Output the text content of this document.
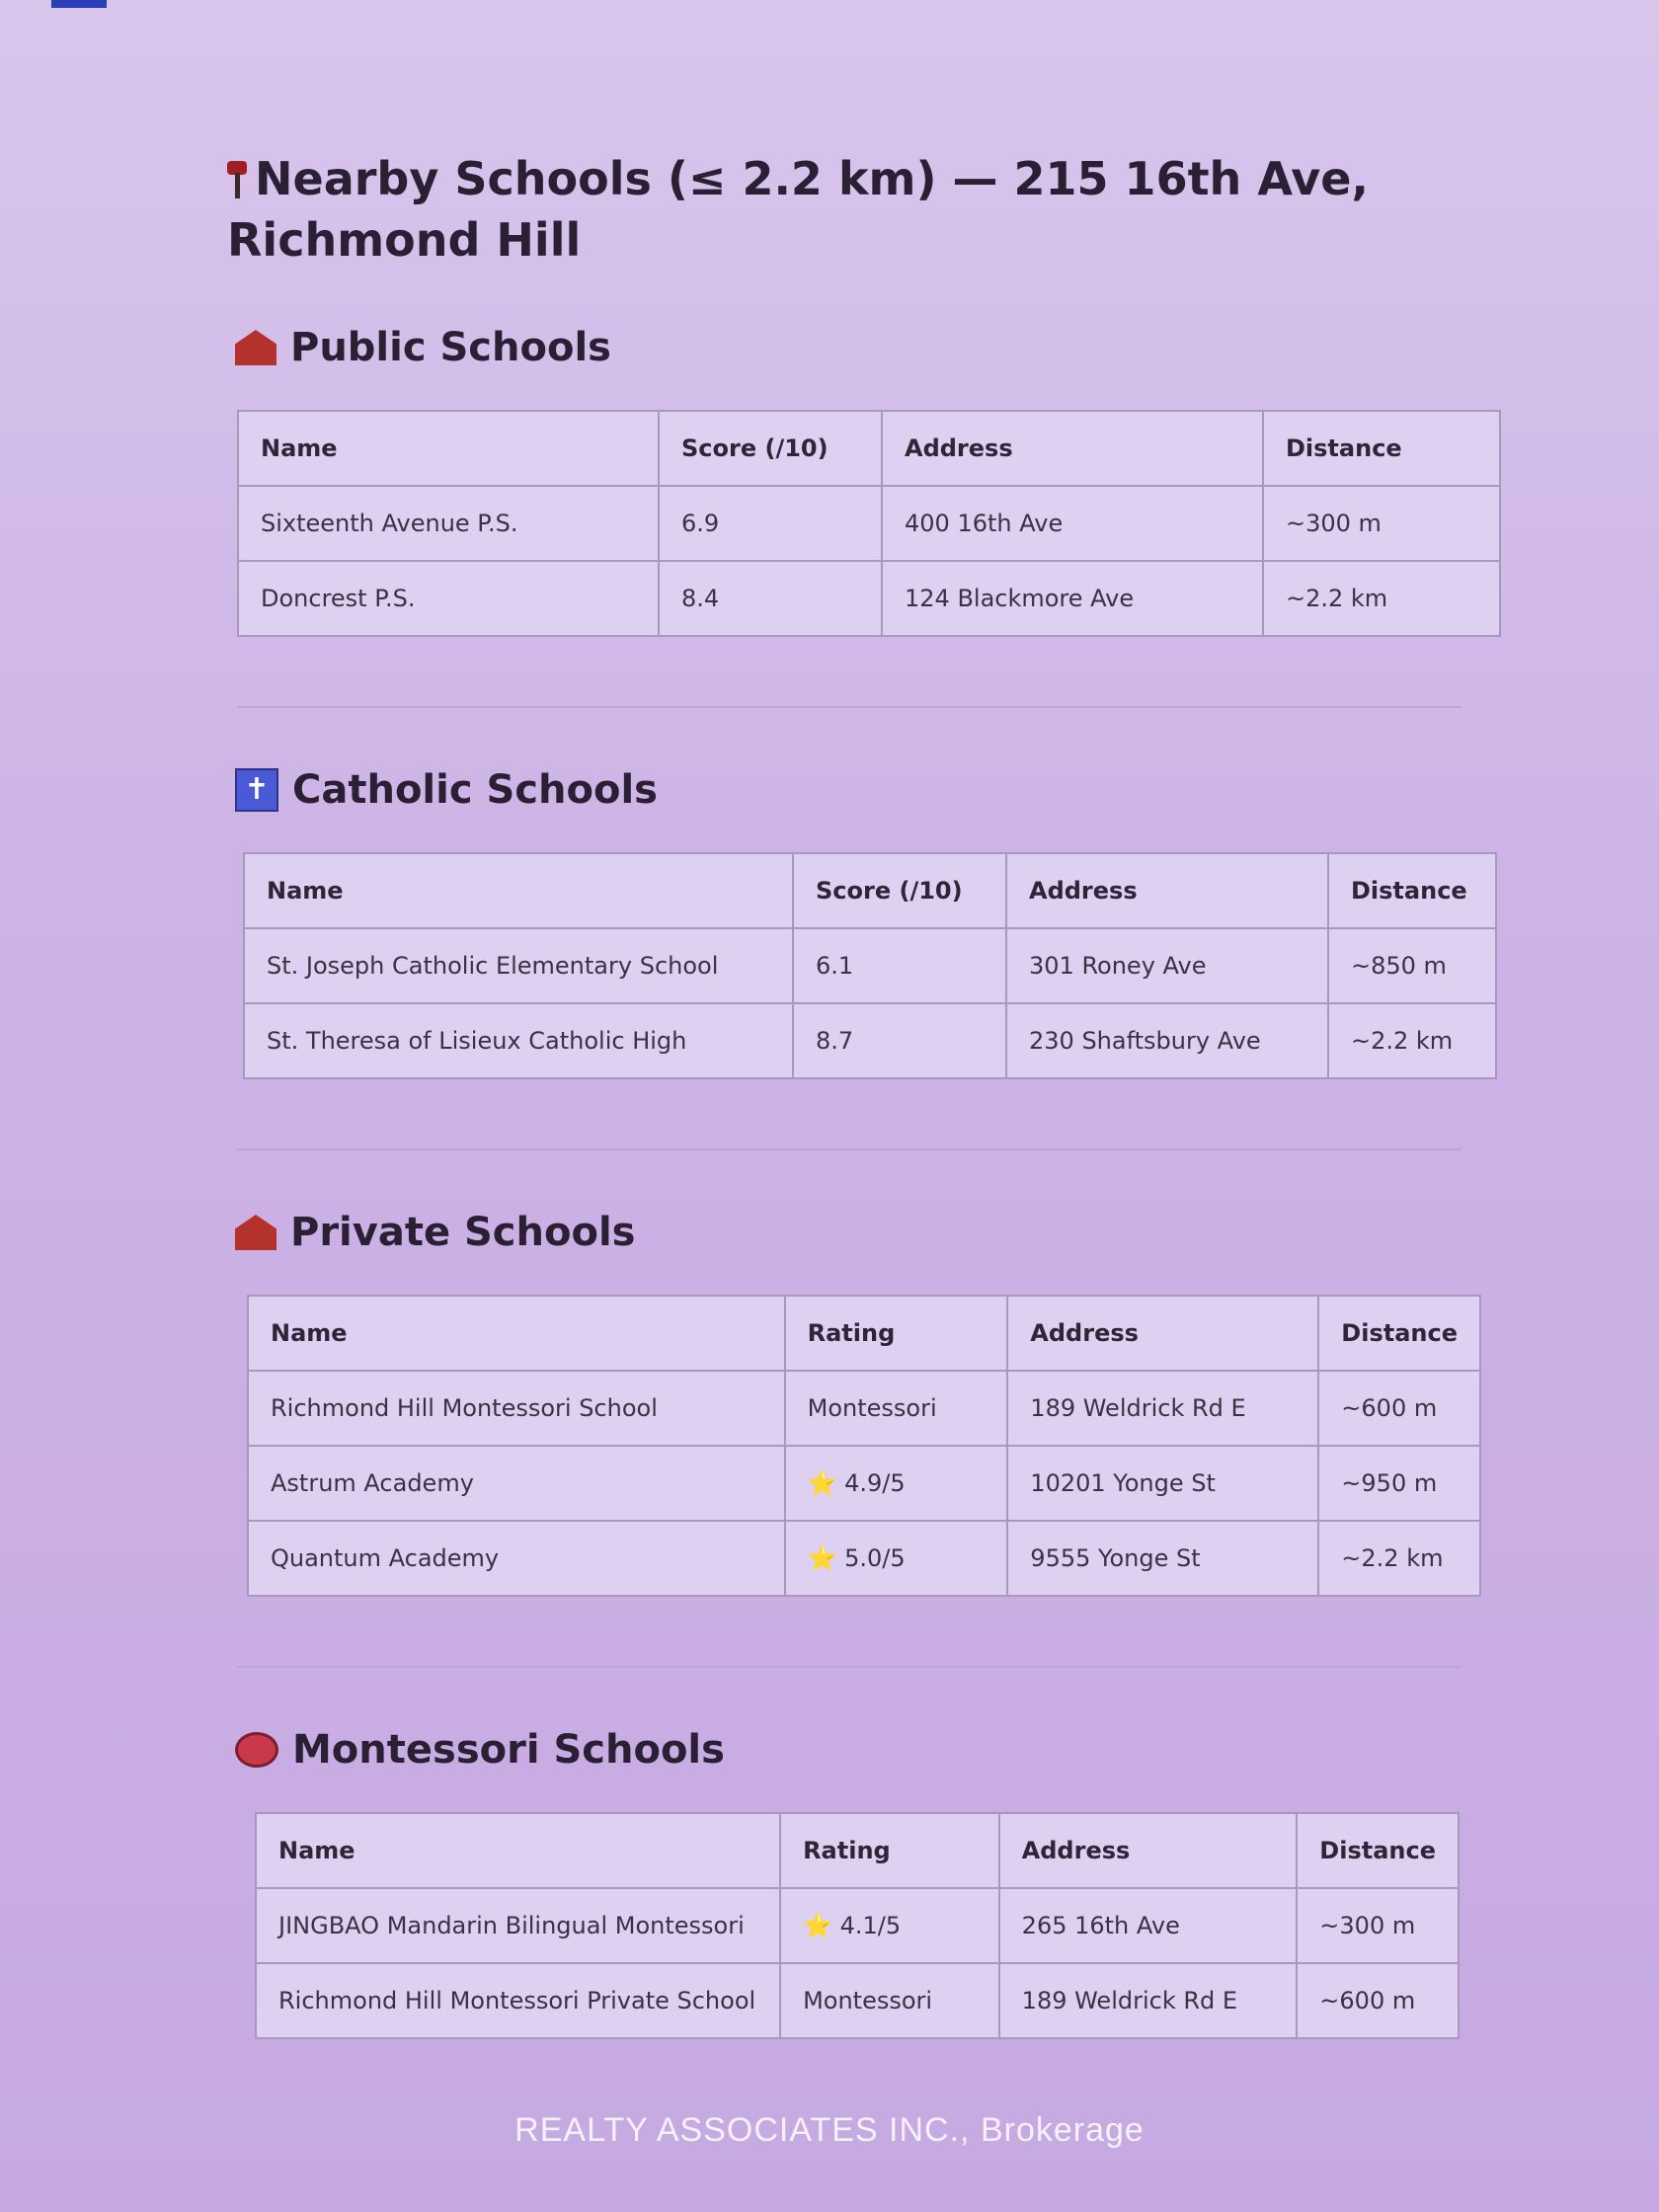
Nearby Schools (≤ 2.2 km) — 215 16th Ave, Richmond Hill
Public Schools
Name	Score (/10)	Address	Distance
Sixteenth Avenue P.S.	6.9	400 16th Ave	~300 m
Doncrest P.S.	8.4	124 Blackmore Ave	~2.2 km
✝ Catholic Schools
Name	Score (/10)	Address	Distance
St. Joseph Catholic Elementary School	6.1	301 Roney Ave	~850 m
St. Theresa of Lisieux Catholic High	8.7	230 Shaftsbury Ave	~2.2 km
Private Schools
Name	Rating	Address	Distance
Richmond Hill Montessori School	Montessori	189 Weldrick Rd E	~600 m
Astrum Academy	⭐ 4.9/5	10201 Yonge St	~950 m
Quantum Academy	⭐ 5.0/5	9555 Yonge St	~2.2 km
Montessori Schools
Name	Rating	Address	Distance
JINGBAO Mandarin Bilingual Montessori	⭐ 4.1/5	265 16th Ave	~300 m
Richmond Hill Montessori Private School	Montessori	189 Weldrick Rd E	~600 m
REALTY ASSOCIATES INC., Brokerage
